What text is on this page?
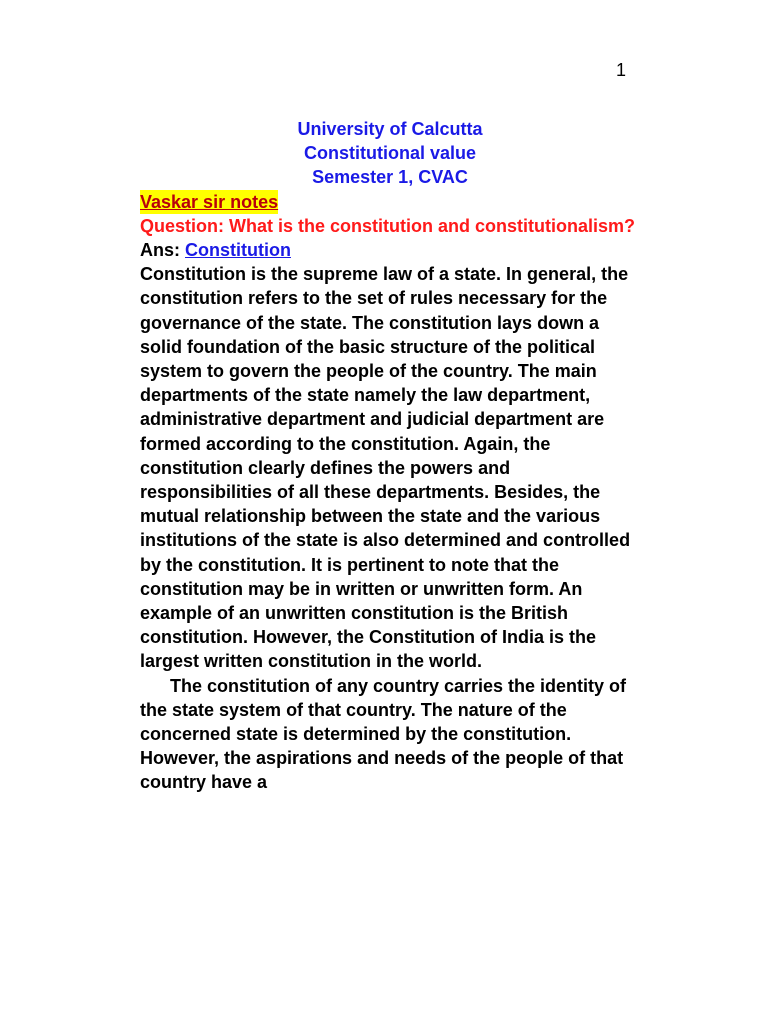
1
University of Calcutta
Constitutional value
Semester 1, CVAC
Vaskar sir notes
Question: What is the constitution and constitutionalism?
Ans: Constitution

Constitution is the supreme law of a state. In general, the constitution refers to the set of rules necessary for the governance of the state. The constitution lays down a solid foundation of the basic structure of the political system to govern the people of the country. The main departments of the state namely the law department, administrative department and judicial department are formed according to the constitution. Again, the constitution clearly defines the powers and responsibilities of all these departments. Besides, the mutual relationship between the state and the various institutions of the state is also determined and controlled by the constitution. It is pertinent to note that the constitution may be in written or unwritten form. An example of an unwritten constitution is the British constitution. However, the Constitution of India is the largest written constitution in the world.

The constitution of any country carries the identity of the state system of that country. The nature of the concerned state is determined by the constitution. However, the aspirations and needs of the people of that country have a
